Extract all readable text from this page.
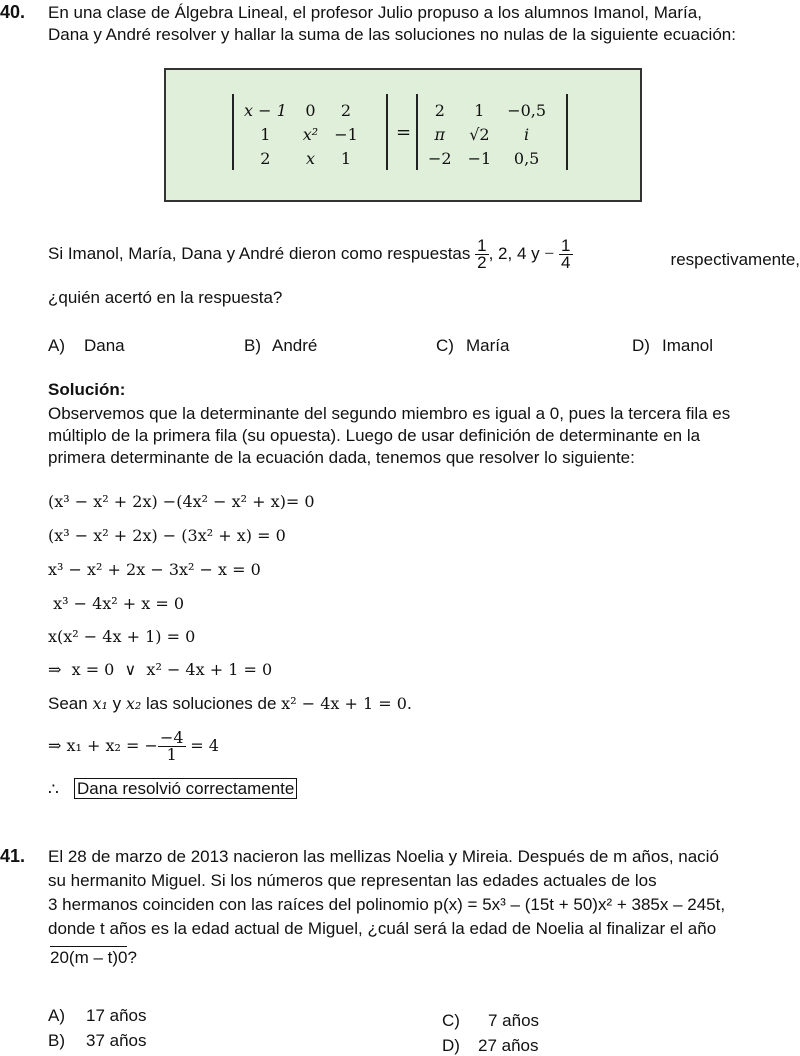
40. En una clase de Álgebra Lineal, el profesor Julio propuso a los alumnos Imanol, María,
Dana y André resolver y hallar la suma de las soluciones no nulas de la siguiente ecuación:
x − 1	0	2
1	x²	−1
2	x	1
=
2	1	−0,5
π	√2	i
−2	−1	0,5
Si Imanol, María, Dana y André dieron como respuestas $\frac{1}{2}$ , 2, 4 $y - \frac{1}{4}$	respectivamente,
¿quién acertó en la respuesta?
A) Dana	B) André	C) María	D) Imanol
Solución:
Observemos que la determinante del segundo miembro es igual a 0, pues la tercera fila es
múltiplo de la primera fila (su opuesta). Luego de usar definición de determinante en la
primera determinante de la ecuación dada, tenemos que resolver lo siguiente:
(x³ − x² + 2x) −(4x² − x² + x)= 0
(x³ − x² + 2x) − (3x² + x) = 0
x³ − x² + 2x − 3x² − x = 0
x³ − 4x² + x = 0
x(x² − 4x + 1) = 0
⇒  x = 0  ∨  x² − 4x + 1 = 0
Sean x₁ y x₂ las soluciones de x² − 4x + 1 = 0.
⇒ x₁ + x₂ = − $\frac{-4}{1} = 4$
∴ Dana resolvió correctamente
41. El 28 de marzo de 2013 nacieron las mellizas Noelia y Mireia. Después de m años, nació
su hermanito Miguel. Si los números que representan las edades actuales de los
3 hermanos coinciden con las raíces del polinomio p(x) = 5x³ – (15t + 50)x² + 385x – 245t,
donde t años es la edad actual de Miguel, ¿cuál será la edad de Noelia al finalizar el año
20(m – t)0?
A) 17 años
B) 37 años
C) 7 años
D) 27 años
